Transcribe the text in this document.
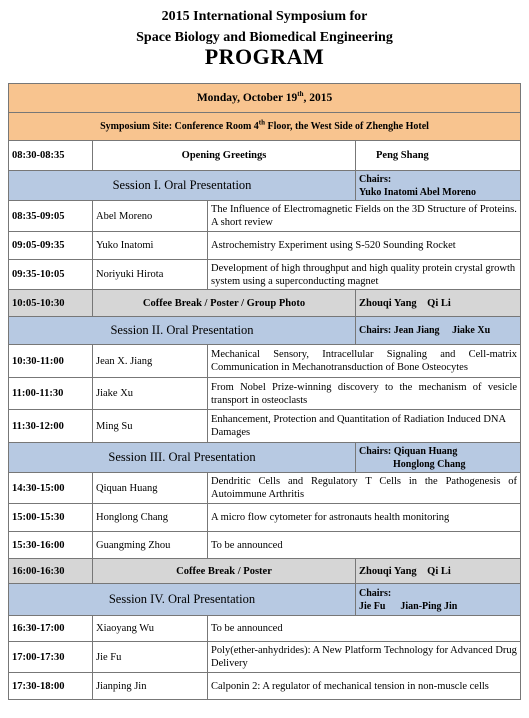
2015 International Symposium for
Space Biology and Biomedical Engineering
PROGRAM
Monday, October 19th, 2015			
Symposium Site: Conference Room 4th Floor, the West Side of Zhenghe Hotel			
08:30-08:35	Opening Greetings		Peng Shang
Session I. Oral Presentation			Chairs:
Yuko Inatomi Abel Moreno

08:35-09:05	Abel Moreno	The Influence of Electromagnetic Fields on the 3D Structure of Proteins. A short review	
09:05-09:35	Yuko Inatomi	Astrochemistry Experiment using S-520 Sounding Rocket	
09:35-10:05	Noriyuki Hirota	Development of high throughput and high quality protein crystal growth system using a superconducting magnet	
10:05-10:30	Coffee Break / Poster / Group Photo		Zhouqi Yang    Qi Li
Session II. Oral Presentation			Chairs: Jean Jiang Jiake Xu
10:30-11:00	Jean X. Jiang	Mechanical Sensory, Intracellular Signaling and Cell-matrix Communication in Mechanotransduction of Bone Osteocytes	
11:00-11:30	Jiake Xu	From Nobel Prize-winning discovery to the mechanism of vesicle transport in osteoclasts	
11:30-12:00	Ming Su	Enhancement, Protection and Quantitation of Radiation Induced DNA Damages	
Session III. Oral Presentation			Chairs: Qiquan Huang
Honglong Chang

14:30-15:00	Qiquan Huang	Dendritic Cells and Regulatory T Cells in the Pathogenesis of Autoimmune Arthritis	
15:00-15:30	Honglong Chang	A micro flow cytometer for astronauts health monitoring	
15:30-16:00	Guangming Zhou	To be announced	
16:00-16:30	Coffee Break / Poster		Zhouqi Yang    Qi Li
Session IV. Oral Presentation			Chairs:
Jie Fu      Jian-Ping Jin

16:30-17:00	Xiaoyang Wu	To be announced	
17:00-17:30	Jie Fu	Poly(ether-anhydrides): A New Platform Technology for Advanced Drug Delivery	
17:30-18:00	Jianping Jin	Calponin 2: A regulator of mechanical tension in non-muscle cells	
